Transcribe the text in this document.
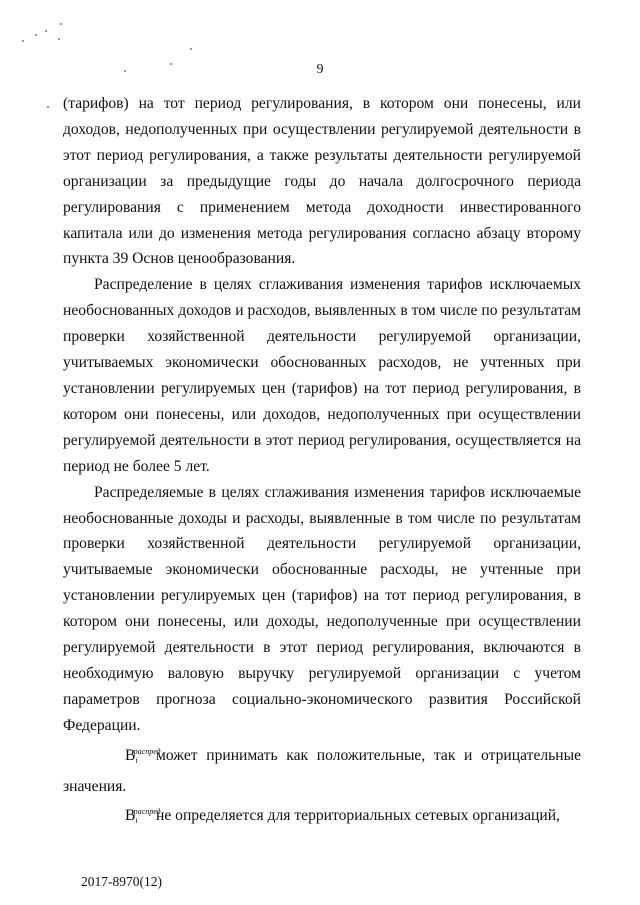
9

(тарифов) на тот период регулирования, в котором они понесены, или доходов, недополученных при осуществлении регулируемой деятельности в этот период регулирования, а также результаты деятельности регулируемой организации за предыдущие годы до начала долгосрочного периода регулирования с применением метода доходности инвестированного капитала или до изменения метода регулирования согласно абзацу второму пункта 39 Основ ценообразования.

Распределение в целях сглаживания изменения тарифов исключаемых необоснованных доходов и расходов, выявленных в том числе по результатам проверки хозяйственной деятельности регулируемой организации, учитываемых экономически обоснованных расходов, не учтенных при установлении регулируемых цен (тарифов) на тот период регулирования, в котором они понесены, или доходов, недополученных при осуществлении регулируемой деятельности в этот период регулирования, осуществляется на период не более 5 лет.

Распределяемые в целях сглаживания изменения тарифов исключаемые необоснованные доходы и расходы, выявленные в том числе по результатам проверки хозяйственной деятельности регулируемой организации, учитываемые экономически обоснованные расходы, не учтенные при установлении регулируемых цен (тарифов) на тот период регулирования, в котором они понесены, или доходы, недополученные при осуществлении регулируемой деятельности в этот период регулирования, включаются в необходимую валовую выручку регулируемой организации с учетом параметров прогноза социально-экономического развития Российской Федерации.

$B_i^{распред}может$ принимать как положительные, так и отрицательные значения.

$B_i^{распред}не$ определяется для территориальных сетевых организаций,

2017-8970(12)
